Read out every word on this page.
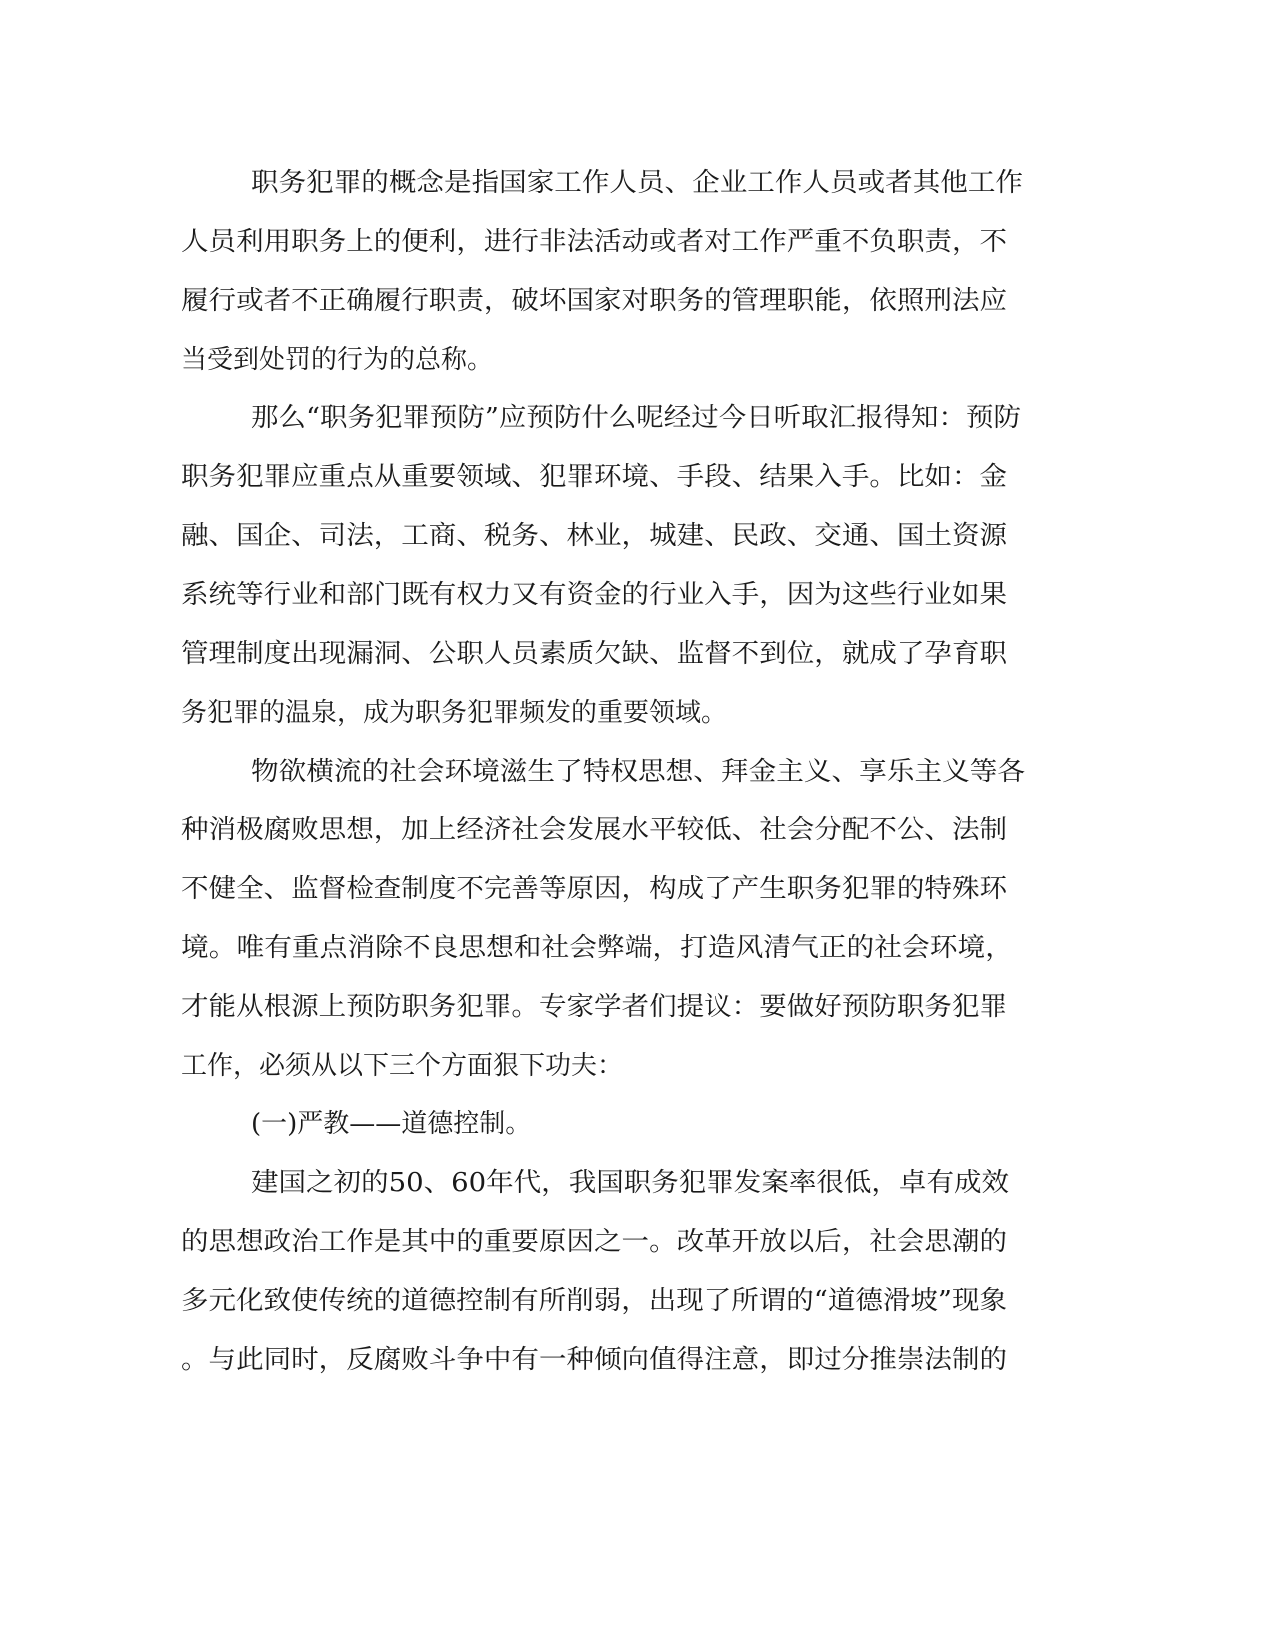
职务犯罪的概念是指国家工作人员、企业工作人员或者其他工作
人员利用职务上的便利，进行非法活动或者对工作严重不负职责，不
履行或者不正确履行职责，破坏国家对职务的管理职能，依照刑法应
当受到处罚的行为的总称。
那么“职务犯罪预防”应预防什么呢经过今日听取汇报得知：预防
职务犯罪应重点从重要领域、犯罪环境、手段、结果入手。比如：金
融、国企、司法，工商、税务、林业，城建、民政、交通、国土资源
系统等行业和部门既有权力又有资金的行业入手，因为这些行业如果
管理制度出现漏洞、公职人员素质欠缺、监督不到位，就成了孕育职
务犯罪的温泉，成为职务犯罪频发的重要领域。
物欲横流的社会环境滋生了特权思想、拜金主义、享乐主义等各
种消极腐败思想，加上经济社会发展水平较低、社会分配不公、法制
不健全、监督检查制度不完善等原因，构成了产生职务犯罪的特殊环
境。唯有重点消除不良思想和社会弊端，打造风清气正的社会环境，
才能从根源上预防职务犯罪。专家学者们提议：要做好预防职务犯罪
工作，必须从以下三个方面狠下功夫：
(一)严教——道德控制。
建国之初的50、60年代，我国职务犯罪发案率很低，卓有成效
的思想政治工作是其中的重要原因之一。改革开放以后，社会思潮的
多元化致使传统的道德控制有所削弱，出现了所谓的“道德滑坡”现象
。与此同时，反腐败斗争中有一种倾向值得注意，即过分推崇法制的
